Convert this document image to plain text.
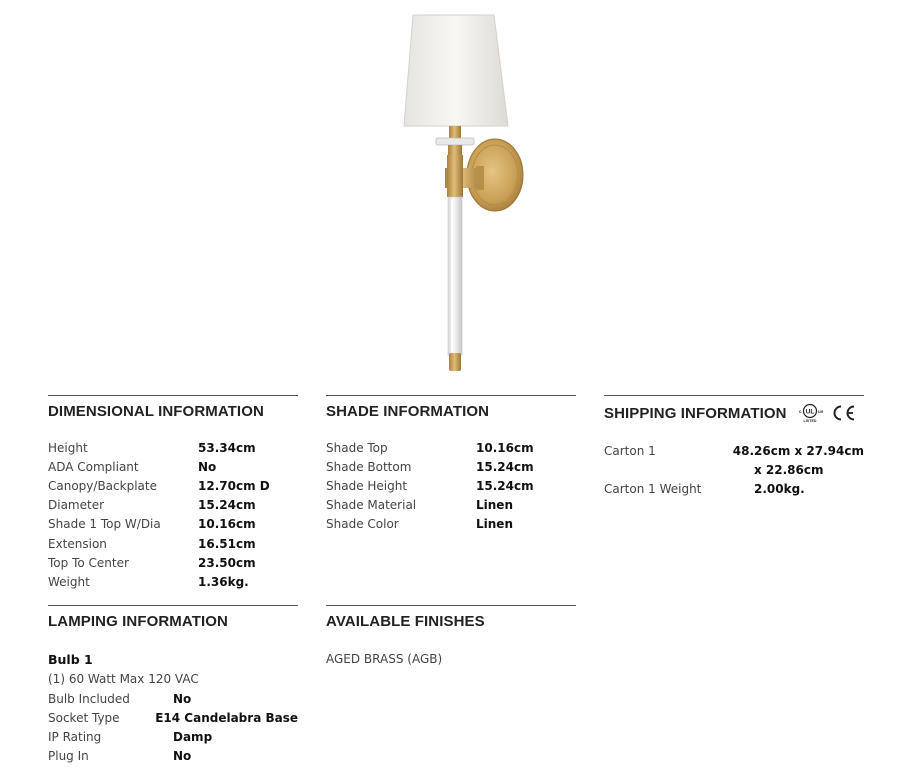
DIMENSIONAL INFORMATION
Height	53.34cm
ADA Compliant	No
Canopy/Backplate	12.70cm D
Diameter	15.24cm
Shade 1 Top W/Dia	10.16cm
Extension	16.51cm
Top To Center	23.50cm
Weight	1.36kg.
SHADE INFORMATION
Shade Top	10.16cm
Shade Bottom	15.24cm
Shade Height	15.24cm
Shade Material	Linen
Shade Color	Linen
SHIPPING INFORMATION	UL
c	us
LISTED
Carton 1	48.26cm x 27.94cm
x 22.86cm
Carton 1 Weight	2.00kg.
LAMPING INFORMATION
Bulb 1
(1) 60 Watt Max 120 VAC
Bulb Included	No
Socket Type	E14 Candelabra Base
IP Rating	Damp
Plug In	No
AVAILABLE FINISHES
AGED BRASS (AGB)
